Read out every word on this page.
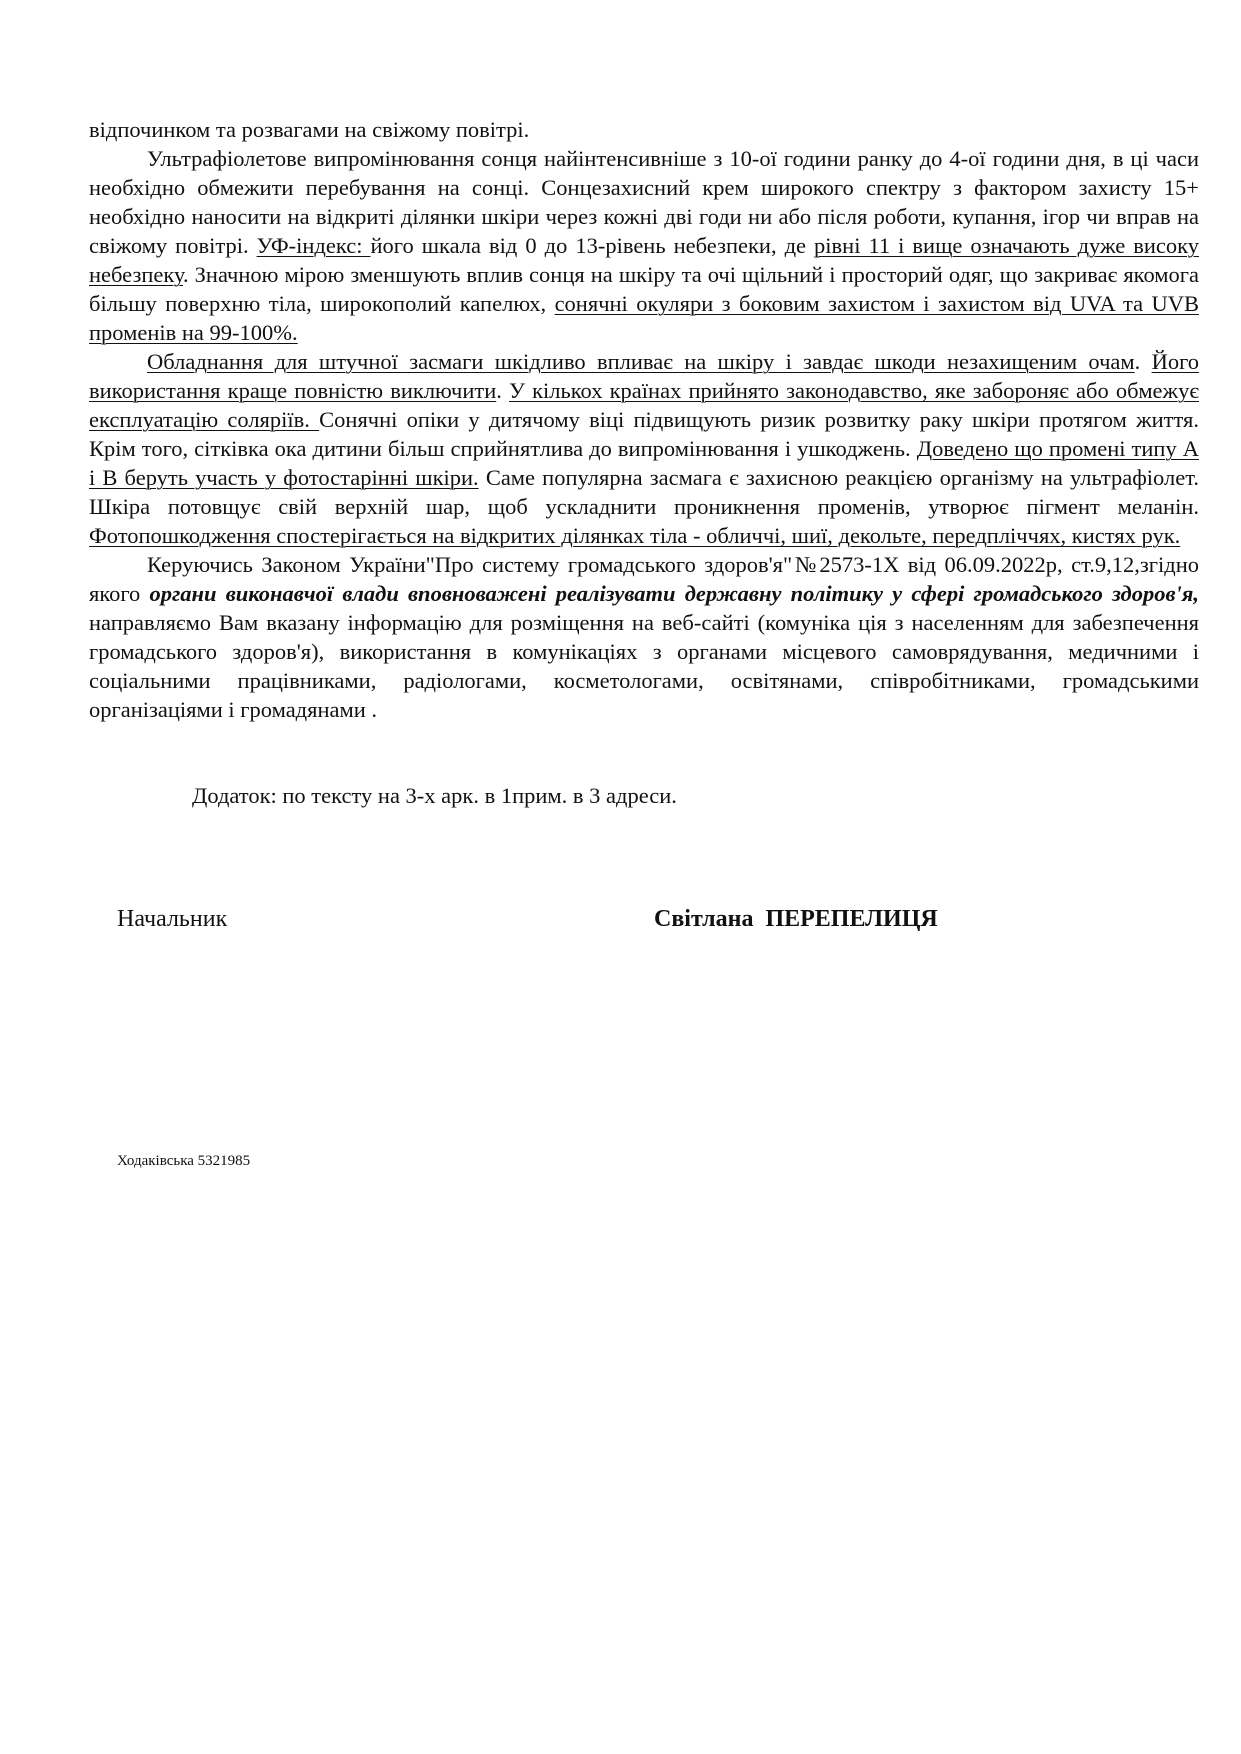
відпочинком та розвагами на свіжому повітрі.

Ультрафіолетове випромінювання сонця найінтенсивніше з 10-ої години ранку до 4-ої години дня, в ці часи необхідно обмежити перебування на сонці. Сонцезахисний крем широкого спектру з фактором захисту 15+ необхідно наносити на відкриті ділянки шкіри через кожні дві годи ни або після роботи, купання, ігор чи вправ на свіжому повітрі. УФ-індекс: його шкала від 0 до 13-рівень небезпеки, де рівні 11 і вище означають дуже високу небезпеку. Значною мірою зменшують вплив сонця на шкіру та очі щільний і просторий одяг, що закриває якомога більшу поверхню тіла, широкополий капелюх, сонячні окуляри з боковим захистом і захистом від UVA та UVB променів на 99-100%.

Обладнання для штучної засмаги шкідливо впливає на шкіру і завдає шкоди незахищеним очам. Його використання краще повністю виключити. У кількох країнах прийнято законодавство, яке забороняє або обмежує експлуатацію соляріїв. Сонячні опіки у дитячому віці підвищують ризик розвитку раку шкіри протягом життя. Крім того, сітківка ока дитини більш сприйнятлива до випромінювання і ушкоджень. Доведено що промені типу А і В беруть участь у фотостарінні шкіри. Саме популярна засмага є захисною реакцією організму на ультрафіолет. Шкіра потовщує свій верхній шар, щоб ускладнити проникнення променів, утворює пігмент меланін. Фотопошкодження спостерігається на відкритих ділянках тіла - обличчі, шиї, декольте, передпліччях, кистях рук.

Керуючись Законом України"Про систему громадського здоров'я"№2573-1Х від 06.09.2022р, ст.9,12,згідно якого органи виконавчої влади вповноважені реалізувати державну політику у сфері громадського здоров'я, направляємо Вам вказану інформацію для розміщення на веб-сайті (комуніка ція з населенням для забезпечення громадського здоров'я), використання в комунікаціях з органами місцевого самоврядування, медичними і соціальними працівниками, радіологами, косметологами, освітянами, співробітниками, громадськими організаціями і громадянами .

Додаток: по тексту на 3-х арк. в 1прим. в 3 адреси.
Начальник	Світлана  ПЕРЕПЕЛИЦЯ
Ходаківська 5321985
